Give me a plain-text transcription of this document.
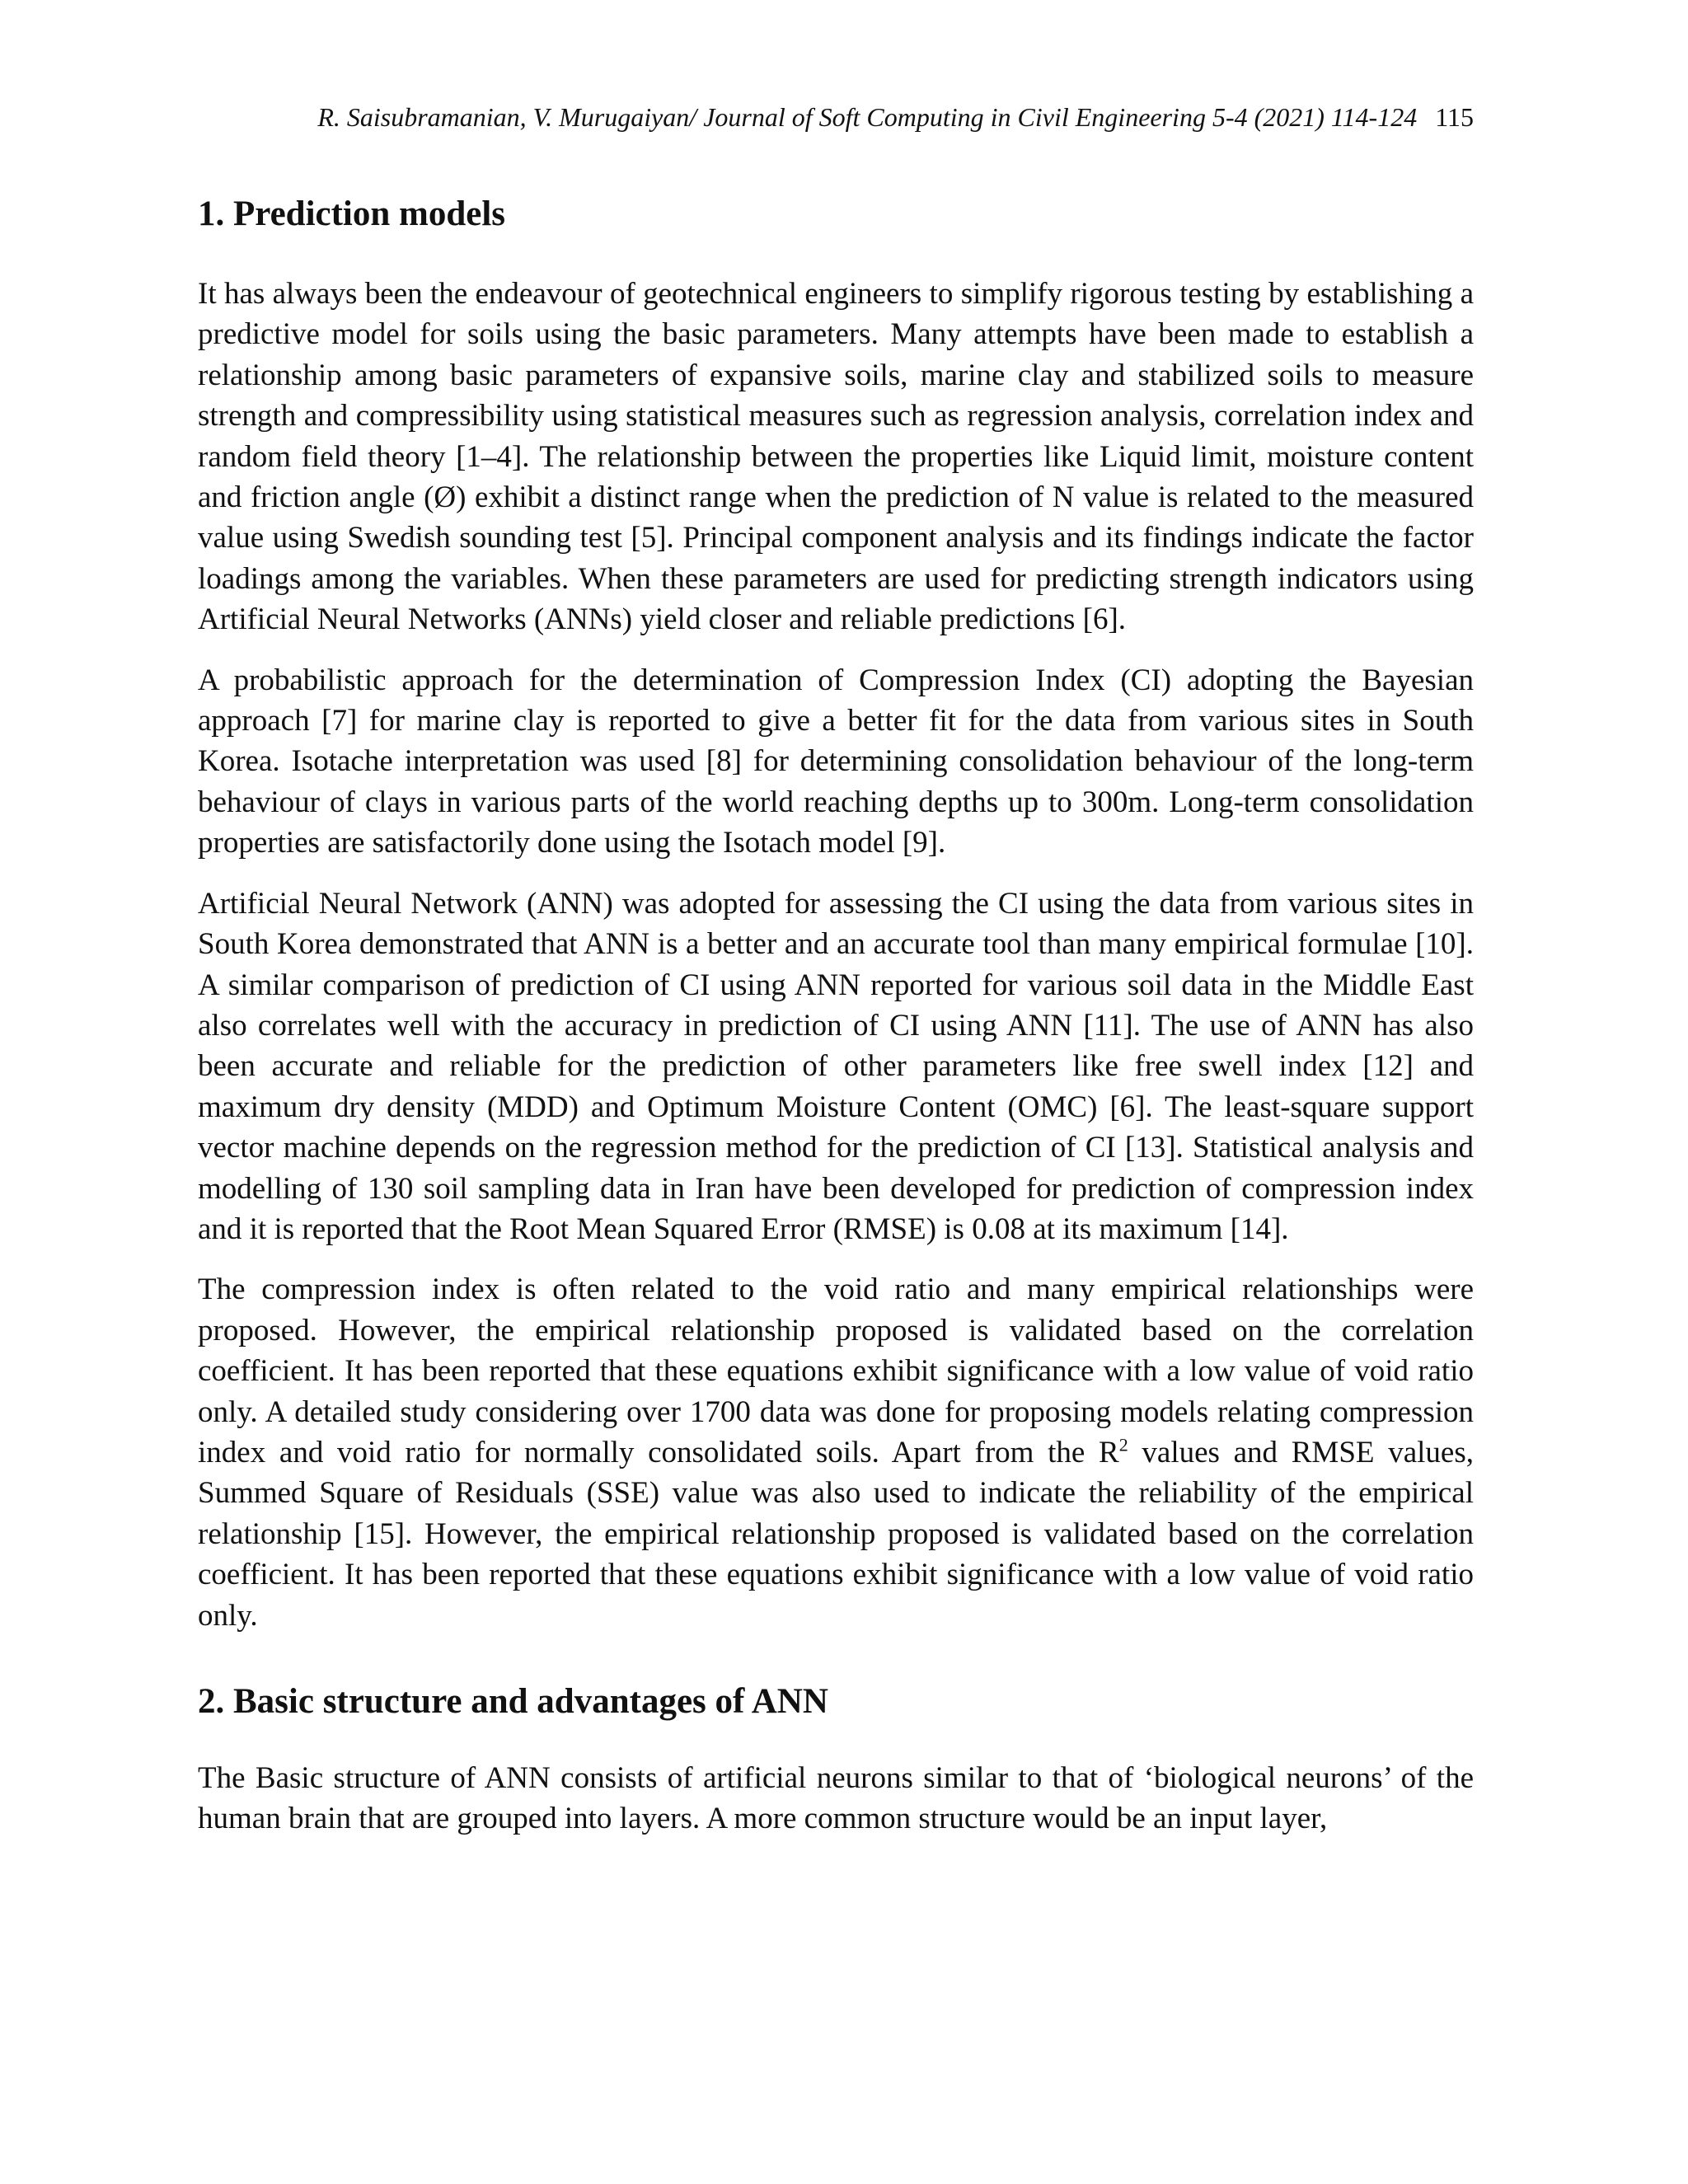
R. Saisubramanian, V. Murugaiyan/ Journal of Soft Computing in Civil Engineering 5-4 (2021) 114-124 115
1. Prediction models

It has always been the endeavour of geotechnical engineers to simplify rigorous testing by establishing a predictive model for soils using the basic parameters. Many attempts have been made to establish a relationship among basic parameters of expansive soils, marine clay and stabilized soils to measure strength and compressibility using statistical measures such as regression analysis, correlation index and random field theory [1–4]. The relationship between the properties like Liquid limit, moisture content and friction angle (Ø) exhibit a distinct range when the prediction of N value is related to the measured value using Swedish sounding test [5]. Principal component analysis and its findings indicate the factor loadings among the variables. When these parameters are used for predicting strength indicators using Artificial Neural Networks (ANNs) yield closer and reliable predictions [6].

A probabilistic approach for the determination of Compression Index (CI) adopting the Bayesian approach [7] for marine clay is reported to give a better fit for the data from various sites in South Korea. Isotache interpretation was used [8] for determining consolidation behaviour of the long-term behaviour of clays in various parts of the world reaching depths up to 300m. Long-term consolidation properties are satisfactorily done using the Isotach model [9].

Artificial Neural Network (ANN) was adopted for assessing the CI using the data from various sites in South Korea demonstrated that ANN is a better and an accurate tool than many empirical formulae [10]. A similar comparison of prediction of CI using ANN reported for various soil data in the Middle East also correlates well with the accuracy in prediction of CI using ANN [11]. The use of ANN has also been accurate and reliable for the prediction of other parameters like free swell index [12] and maximum dry density (MDD) and Optimum Moisture Content (OMC) [6]. The least-square support vector machine depends on the regression method for the prediction of CI [13]. Statistical analysis and modelling of 130 soil sampling data in Iran have been developed for prediction of compression index and it is reported that the Root Mean Squared Error (RMSE) is 0.08 at its maximum [14].

The compression index is often related to the void ratio and many empirical relationships were proposed. However, the empirical relationship proposed is validated based on the correlation coefficient. It has been reported that these equations exhibit significance with a low value of void ratio only. A detailed study considering over 1700 data was done for proposing models relating compression index and void ratio for normally consolidated soils. Apart from the $R^2$ values and RMSE values, Summed Square of Residuals (SSE) value was also used to indicate the reliability of the empirical relationship [15]. However, the empirical relationship proposed is validated based on the correlation coefficient. It has been reported that these equations exhibit significance with a low value of void ratio only.

2. Basic structure and advantages of ANN

The Basic structure of ANN consists of artificial neurons similar to that of ‘biological neurons’ of the human brain that are grouped into layers. A more common structure would be an input layer,
